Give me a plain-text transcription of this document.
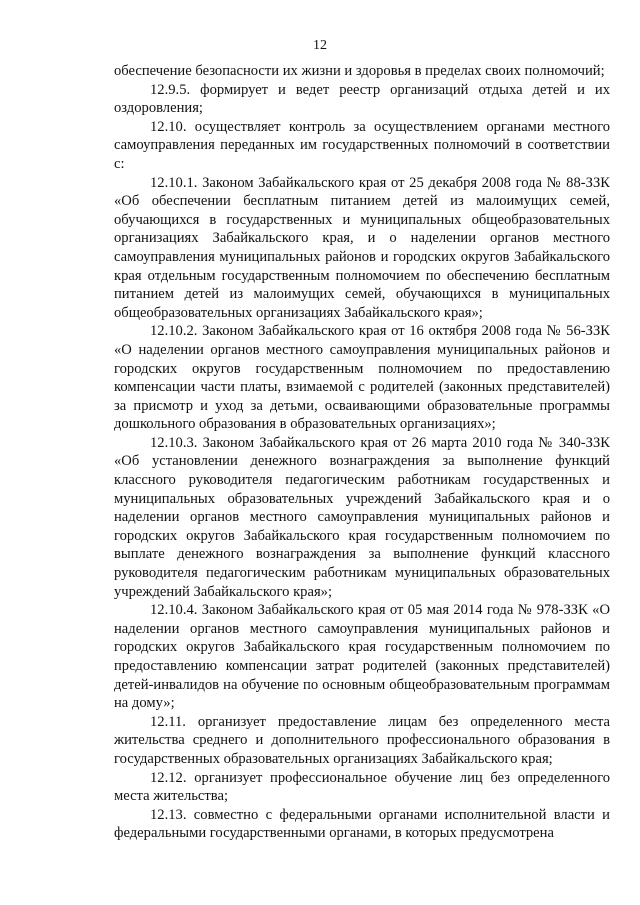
12

обеспечение безопасности их жизни и здоровья в пределах своих полномочий;

12.9.5. формирует и ведет реестр организаций отдыха детей и их оздоровления;

12.10. осуществляет контроль за осуществлением органами местного самоуправления переданных им государственных полномочий в соответствии с:

12.10.1. Законом Забайкальского края от 25 декабря 2008 года № 88-ЗЗК «Об обеспечении бесплатным питанием детей из малоимущих семей, обучающихся в государственных и муниципальных общеобразовательных организациях Забайкальского края, и о наделении органов местного самоуправления муниципальных районов и городских округов Забайкальского края отдельным государственным полномочием по обеспечению бесплатным питанием детей из малоимущих семей, обучающихся в муниципальных общеобразовательных организациях Забайкальского края»;

12.10.2. Законом Забайкальского края от 16 октября 2008 года № 56-ЗЗК «О наделении органов местного самоуправления муниципальных районов и городских округов государственным полномочием по предоставлению компенсации части платы, взимаемой с родителей (законных представителей) за присмотр и уход за детьми, осваивающими образовательные программы дошкольного образования в образовательных организациях»;

12.10.3. Законом Забайкальского края от 26 марта 2010 года № 340-ЗЗК «Об установлении денежного вознаграждения за выполнение функций классного руководителя педагогическим работникам государственных и муниципальных образовательных учреждений Забайкальского края и о наделении органов местного самоуправления муниципальных районов и городских округов Забайкальского края государственным полномочием по выплате денежного вознаграждения за выполнение функций классного руководителя педагогическим работникам муниципальных образовательных учреждений Забайкальского края»;

12.10.4. Законом Забайкальского края от 05 мая 2014 года № 978-ЗЗК «О наделении органов местного самоуправления муниципальных районов и городских округов Забайкальского края государственным полномочием по предоставлению компенсации затрат родителей (законных представителей) детей-инвалидов на обучение по основным общеобразовательным программам на дому»;

12.11. организует предоставление лицам без определенного места жительства среднего и дополнительного профессионального образования в государственных образовательных организациях Забайкальского края;

12.12. организует профессиональное обучение лиц без определенного места жительства;

12.13. совместно с федеральными органами исполнительной власти и федеральными государственными органами, в которых предусмотрена
